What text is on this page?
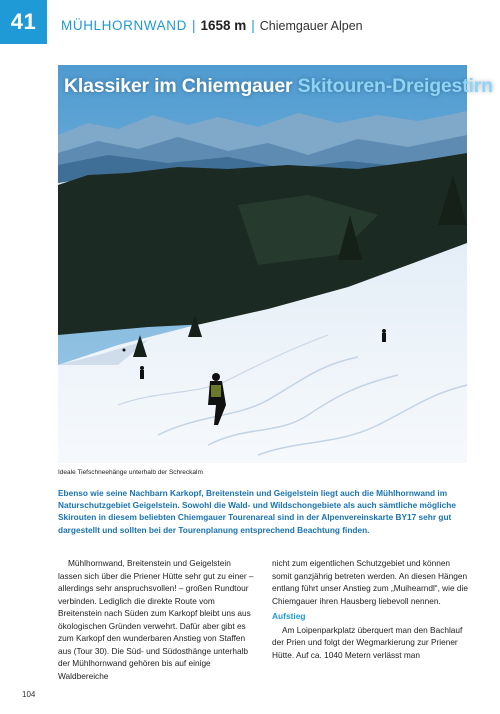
41	MÜHLHORNWAND | 1658 m | Chiemgauer Alpen
Klassiker im Chiemgauer Skitouren-Dreigestirn
Ideale Tiefschneehänge unterhalb der Schreckalm
Ebenso wie seine Nachbarn Karkopf, Breitenstein und Geigelstein liegt auch die Mühlhornwand im Naturschutzgebiet Geigelstein. Sowohl die Wald- und Wildschongebiete als auch sämtliche mögliche Skirouten in diesem beliebten Chiemgauer Tourenareal sind in der Alpenvereinskarte BY17 sehr gut dargestellt und sollten bei der Tourenplanung entsprechend Beachtung finden.

Mühlhornwand, Breitenstein und Geigelstein lassen sich über die Priener Hütte sehr gut zu einer – allerdings sehr anspruchsvollen! – großen Rundtour verbinden. Lediglich die direkte Route vom Breitenstein nach Süden zum Karkopf bleibt uns aus ökologischen Gründen verwehrt. Dafür aber gibt es zum Karkopf den wunderbaren Anstieg von Staffen aus (Tour 30). Die Süd- und Südosthänge unterhalb der Mühlhornwand gehören bis auf einige Waldbereiche

nicht zum eigentlichen Schutzgebiet und können somit ganzjährig betreten werden. An diesen Hängen entlang führt unser Anstieg zum „Muihearndl“, wie die Chiemgauer ihren Hausberg liebevoll nennen.

Aufstieg

Am Loipenparkplatz überquert man den Bachlauf der Prien und folgt der Wegmarkierung zur Priener Hütte. Auf ca. 1040 Metern verlässt man

104
